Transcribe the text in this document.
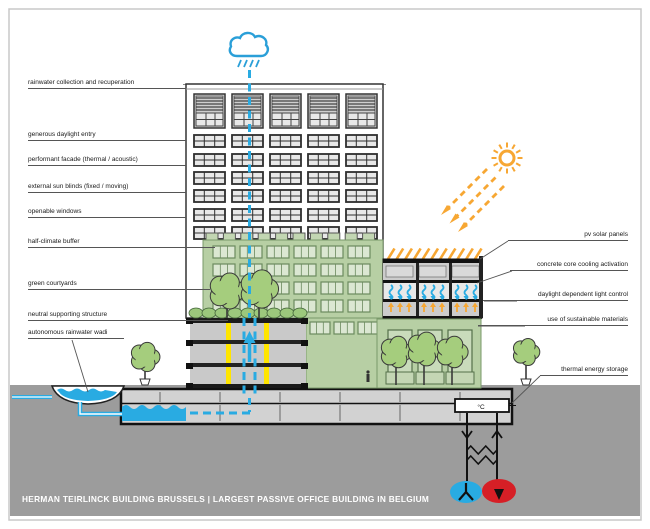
°C
rainwater collection and recuperation
generous daylight entry
performant facade (thermal / acoustic)
external sun blinds (fixed / moving)
openable windows
half-climate buffer
green courtyards
neutral supporting structure
autonomous rainwater wadi
pv solar panels
concrete core cooling activation
daylight dependent light control
use of sustainable materials
thermal energy storage
HERMAN TEIRLINCK BUILDING BRUSSELS | LARGEST PASSIVE OFFICE BUILDING IN BELGIUM
